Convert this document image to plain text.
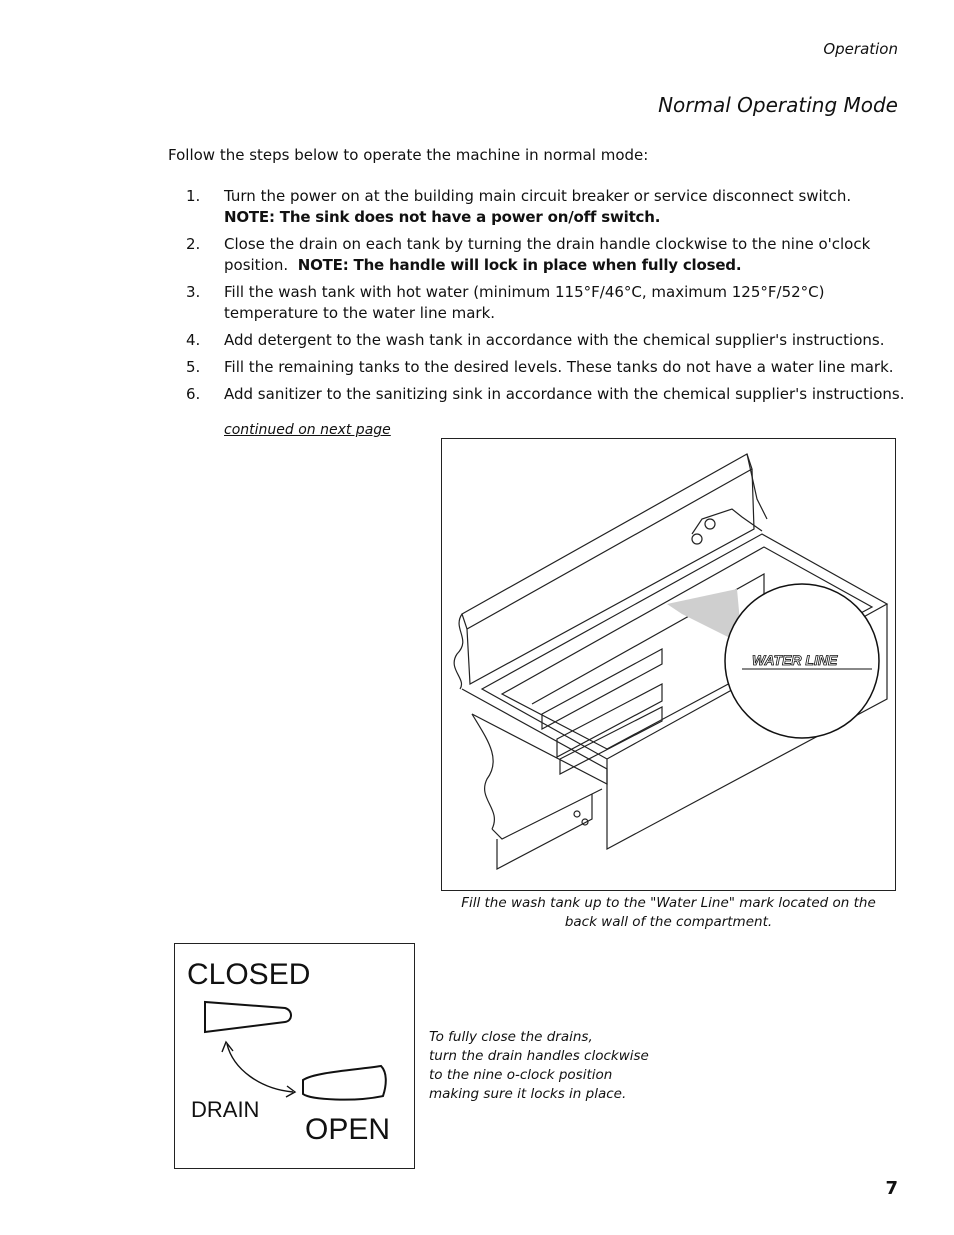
Operation
Normal Operating Mode
Follow the steps below to operate the machine in normal mode:
1.	Turn the power on at the building main circuit breaker or service disconnect switch.
NOTE: The sink does not have a power on/off switch.
2.	Close the drain on each tank by turning the drain handle clockwise to the nine o'clock position. NOTE: The handle will lock in place when fully closed.
3.	Fill the wash tank with hot water (minimum 115°F/46°C, maximum 125°F/52°C) temperature to the water line mark.
4.	Add detergent to the wash tank in accordance with the chemical supplier's instructions.
5.	Fill the remaining tanks to the desired levels. These tanks do not have a water line mark.
6.	Add sanitizer to the sanitizing sink in accordance with the chemical supplier's instructions.
continued on next page
WATER LINE
Fill the wash tank up to the "Water Line" mark located on the
back wall of the compartment.
CLOSED
DRAIN
OPEN
To fully close the drains,
turn the drain handles clockwise
to the nine o-clock position
making sure it locks in place.
7
